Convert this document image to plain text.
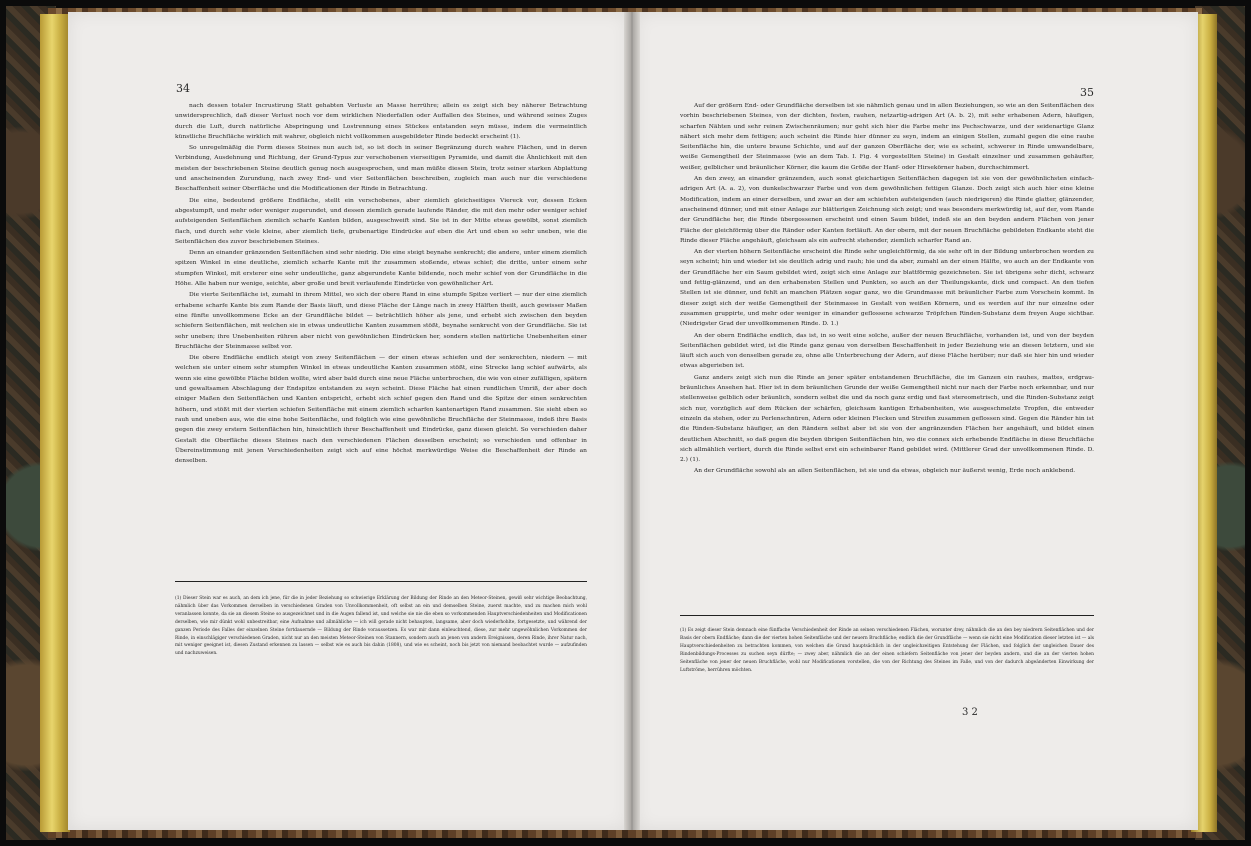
34

nach dessen totaler Incrustirung Statt gehabten Verluste an Masse herrühre; allein es zeigt sich bey näherer Betrachtung unwidersprechlich, daß dieser Verlust noch vor dem wirklichen Niederfallen oder Auffallen des Steines, und während seines Zuges durch die Luft, durch natürliche Abspringung und Lostrennung eines Stückes entstanden seyn müsse, indem die vermeintlich künstliche Bruchfläche wirklich mit wahrer, obgleich nicht vollkommen ausgebildeter Rinde bedeckt erscheint (1).

So unregelmäßig die Form dieses Steines nun auch ist, so ist doch in seiner Begränzung durch wahre Flächen, und in deren Verbindung, Ausdehnung und Richtung, der Grund-Typus zur verschobenen vierseitigen Pyramide, und damit die Ähnlichkeit mit den meisten der beschriebenen Steine deutlich genug noch ausgesprochen, und man müßte diesen Stein, trotz seiner starken Abplattung und anscheinenden Zurundung, nach zwey End- und vier Seitenflächen beschreiben, zugleich man auch nur die verschiedene Beschaffenheit seiner Oberfläche und die Modificationen der Rinde in Betrachtung.

Die eine, bedeutend größere Endfläche, stellt ein verschobenes, aber ziemlich gleichseitiges Viereck vor, dessen Ecken abgestumpft, und mehr oder weniger zugerundet, und dessen ziemlich gerade laufende Ränder, die mit den mehr oder weniger schief aufsteigenden Seitenflächen ziemlich scharfe Kanten bilden, ausgeschweift sind. Sie ist in der Mitte etwas gewölbt, sonst ziemlich flach, und durch sehr viele kleine, aber ziemlich tiefe, grubenartige Eindrücke auf eben die Art und eben so sehr uneben, wie die Seitenflächen des zuvor beschriebenen Steines.

Denn an einander gränzenden Seitenflächen sind sehr niedrig. Die eine steigt beynahe senkrecht; die andere, unter einem ziemlich spitzen Winkel in eine deutliche, ziemlich scharfe Kante mit ihr zusammen stoßende, etwas schief; die dritte, unter einem sehr stumpfen Winkel, mit ersterer eine sehr undeutliche, ganz abgerundete Kante bildende, noch mehr schief von der Grundfläche in die Höhe. Alle haben nur wenige, seichte, aber große und breit verlaufende Eindrücke von gewöhnlicher Art.

Die vierte Seitenfläche ist, zumahl in ihrem Mittel, wo sich der obere Rand in eine stumpfe Spitze verliert — nur der eine ziemlich erhabene scharfe Kante bis zum Rande der Basis läuft, und diese Fläche der Länge nach in zwey Hälften theilt, auch gewisser Maßen eine fünfte unvollkommene Ecke an der Grundfläche bildet — beträchtlich höher als jene, und erhebt sich zwischen den beyden schiefern Seitenflächen, mit welchen sie in etwas undeutliche Kanten zusammen stößt, beynahe senkrecht von der Grundfläche. Sie ist sehr uneben; ihre Unebenheiten rühren aber nicht von gewöhnlichen Eindrücken her, sondern stellen natürliche Unebenheiten einer Bruchfläche der Steinmasse selbst vor.

Die obere Endfläche endlich steigt von zwey Seitenflächen — der einen etwas schiefen und der senkrechten, niedern — mit welchen sie unter einem sehr stumpfen Winkel in etwas undeutliche Kanten zusammen stößt, eine Strecke lang schief aufwärts, als wenn sie eine gewölbte Fläche bilden wollte, wird aber bald durch eine neue Fläche unterbrochen, die wie von einer zufälligen, spätern und gewaltsamen Abschlagung der Endspitze entstanden zu seyn scheint. Diese Fläche hat einen rundlichen Umriß, der aber doch einiger Maßen den Seitenflächen und Kanten entspricht, erhebt sich schief gegen den Rand und die Spitze der einen senkrechten höhern, und stößt mit der vierten schiefen Seitenfläche mit einem ziemlich scharfen kantenartigen Rand zusammen. Sie sieht eben so rauh und uneben aus, wie die eine hohe Seitenfläche, und folglich wie eine gewöhnliche Bruchfläche der Steinmasse, indeß ihre Basis gegen die zwey erstern Seitenflächen hin, hinsichtlich ihrer Beschaffenheit und Eindrücke, ganz diesen gleicht. So verschieden daher Gestalt die Oberfläche dieses Steines nach den verschiedenen Flächen desselben erscheint; so verschieden und offenbar in Übereinstimmung mit jenen Verschiedenheiten zeigt sich auf eine höchst merkwürdige Weise die Beschaffenheit der Rinde an denselben.

(1) Dieser Stein war es auch, an dem ich jene, für die in jeder Beziehung so schwierige Erklärung der Bildung der Rinde an den Meteor-Steinen, gewiß sehr wichtige Beobachtung, nähmlich über das Vorkommen derselben in verschiedenen Graden von Unvollkommenheit, oft selbst an ein und demselben Steine, zuerst machte, und zu machen mich wohl veranlassen konnte, da sie an diesem Steine so ausgezeichnet und in die Augen fallend ist, und welche sie nie die eben so vorkommenden Hauptverschiedenheiten und Modificationen derselben, wie mir dünkt wohl unbestreitbar, eine Aufnahme und allmähliche — ich will gerade nicht behaupten, langsame, aber doch wiederhohlte, fortgesetzte, und während der ganzen Periode des Falles der einzelnen Steine fortdauernde — Bildung der Rinde voraussetzen. Es war mir dann einleuchtend, diese, zur mehr ungewöhnlichen Vorkommen der Rinde, in einschlägiger verschiedenen Graden, nicht nur an den meisten Meteor-Steinen von Stannern, sondern auch an jenen von andern Ereignissen, deren Rinde, ihrer Natur nach, mit weniger geeignet ist, diesen Zustand erkennen zu lassen — selbst wie es auch bis dahin (1808), und wie es scheint, noch bis jetzt von niemand beobachtet wurde — aufzufinden und nachzuweisen.

35

Auf der größern End- oder Grundfläche derselben ist sie nähmlich genau und in allen Beziehungen, so wie an den Seitenflächen des vorhin beschriebenen Steines, von der dichten, festen, rauhen, netzartig-adrigen Art (A. b. 2), mit sehr erhabenen Adern, häufigen, scharfen Nähten und sehr reinen Zwischenräumen; nur geht sich hier die Farbe mehr ins Pechschwarze, und der seidenartige Glanz nähert sich mehr dem fettigen; auch scheint die Rinde hier dünner zu seyn, indem an einigen Stellen, zumahl gegen die eine rauhe Seitenfläche hin, die untere braune Schichte, und auf der ganzen Oberfläche der, wie es scheint, schwerer in Rinde umwandelbare, weiße Gemengtheil der Steinmasse (wie an dem Tab. I. Fig. 4 vorgestellten Steine) in Gestalt einzelner und zusammen gehäufter, weißer, gelblicher und bräunlicher Körner, die kaum die Größe der Hanf- oder Hirsekörner haben, durchschimmert.

An den zwey, an einander gränzenden, auch sonst gleichartigen Seitenflächen dagegen ist sie von der gewöhnlichsten einfach-adrigen Art (A. a. 2), von dunkelschwarzer Farbe und von dem gewöhnlichen fettigen Glanze. Doch zeigt sich auch hier eine kleine Modification, indem an einer derselben, und zwar an der am schiefsten aufsteigenden (auch niedrigeren) die Rinde glatter, glänzender, anscheinend dünner, und mit einer Anlage zur blätterigen Zeichnung sich zeigt; und was besonders merkwürdig ist, auf der, vom Rande der Grundfläche her, die Rinde übergossenen erscheint und einen Saum bildet, indeß sie an den beyden andern Flächen von jener Fläche der gleichförmig über die Ränder oder Kanten fortläuft. An der obern, mit der neuen Bruchfläche gebildeten Endkante steht die Rinde dieser Fläche angehäuft, gleichsam als ein aufrecht stehender, ziemlich scharfer Rand an.

An der vierten höhern Seitenfläche erscheint die Rinde sehr ungleichförmig, da sie sehr oft in der Bildung unterbrochen worden zu seyn scheint; hin und wieder ist sie deutlich adrig und rauh; hie und da aber, zumahl an der einen Hälfte, wo auch an der Endkante von der Grundfläche her ein Saum gebildet wird, zeigt sich eine Anlage zur blattförmig gezeichneten. Sie ist übrigens sehr dicht, schwarz und fettig-glänzend, und an den erhabensten Stellen und Punkten, so auch an der Theilungskante, dick und compact. An den tiefen Stellen ist sie dünner, und fehlt an manchen Plätzen sogar ganz, wo die Grundmasse mit bräunlicher Farbe zum Vorschein kommt. In dieser zeigt sich der weiße Gemengtheil der Steinmasse in Gestalt von weißen Körnern, und es werden auf ihr nur einzelne oder zusammen gruppirte, und mehr oder weniger in einander geflossene schwarze Tröpfchen Rinden-Substanz dem freyen Auge sichtbar. (Niedrigster Grad der unvollkommenen Rinde. D. 1.)

An der obern Endfläche endlich, das ist, in so weit eine solche, außer der neuen Bruchfläche, vorhanden ist, und von der beyden Seitenflächen gebildet wird, ist die Rinde ganz genau von derselben Beschaffenheit in jeder Beziehung wie an diesen letztern, und sie läuft sich auch von denselben gerade zu, ohne alle Unterbrechung der Adern, auf diese Fläche herüber; nur daß sie hier hin und wieder etwas abgerieben ist.

Ganz anders zeigt sich nun die Rinde an jener später entstandenen Bruchfläche, die im Ganzen ein rauhes, mattes, erdgrau-bräunliches Ansehen hat. Hier ist in dem bräunlichen Grunde der weiße Gemengtheil nicht nur nach der Farbe noch erkennbar, und nur stellenweise gelblich oder bräunlich, sondern selbst die und da noch ganz erdig und fast stereometrisch, und die Rinden-Substanz zeigt sich nur, vorzüglich auf dem Rücken der schärfen, gleichsam kantigen Erhabenheiten, wie ausgeschmelzte Tropfen, die entweder einzeln da stehen, oder zu Perlenschnüren, Adern oder kleinen Flecken und Streifen zusammen geflossen sind. Gegen die Ränder hin ist die Rinden-Substanz häufiger, an den Rändern selbst aber ist sie von der angränzenden Flächen her angehäuft, und bildet einen deutlichen Abschnitt, so daß gegen die beyden übrigen Seitenflächen hin, wo die connex sich erhebende Endfläche in diese Bruchfläche sich allmählich verliert, durch die Rinde selbst erst ein scheinbarer Rand gebildet wird. (Mittlerer Grad der unvollkommenen Rinde. D. 2.) (1).

An der Grundfläche sowohl als an allen Seitenflächen, ist sie und da etwas, obgleich nur äußerst wenig, Erde noch anklebend.

(1) Es zeigt dieser Stein demnach eine fünffache Verschiedenheit der Rinde an seinen verschiedenen Flächen, worunter drey, nähmlich die an den bey niedrern Seitenflächen und der Basis der obern Endfläche; dann die der vierten hohen Seitenfläche und der neuern Bruchfläche; endlich die der Grundfläche — wenn sie nicht eine Modification dieser letzten ist — als Hauptverschiedenheiten zu betrachten kommen, von welchen die Grund hauptsächlich in der ungleichzeitigen Entstehung der Flächen, und folglich der ungleichen Dauer des Rindenbildungs-Processes zu suchen seyn dürfte; — zwey aber, nähmlich die an der einen schiefern Seitenfläche von jener der beyden andern, und die an der vierten hohen Seitenfläche von jener der neuen Bruchfläche, wohl nur Modificationen vorstellen, die von der Richtung des Steines im Falle, und von der dadurch abgeänderten Einwirkung der Luftströme, herrühren möchten.

3 2
